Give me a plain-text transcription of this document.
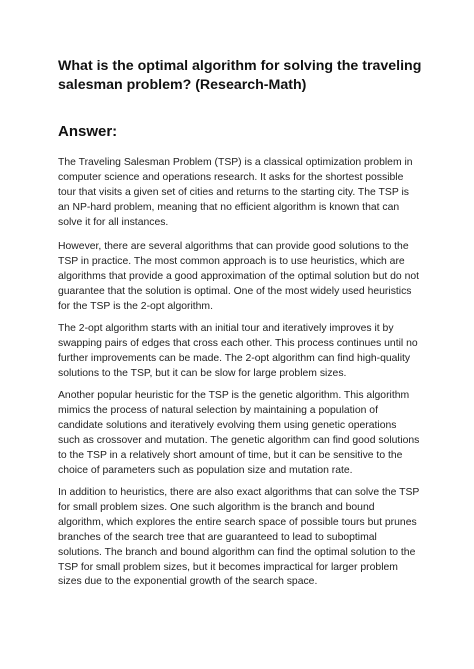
What is the optimal algorithm for solving the traveling salesman problem? (Research-Math)
Answer:

The Traveling Salesman Problem (TSP) is a classical optimization problem in computer science and operations research. It asks for the shortest possible tour that visits a given set of cities and returns to the starting city. The TSP is an NP-hard problem, meaning that no efficient algorithm is known that can solve it for all instances.

However, there are several algorithms that can provide good solutions to the TSP in practice. The most common approach is to use heuristics, which are algorithms that provide a good approximation of the optimal solution but do not guarantee that the solution is optimal. One of the most widely used heuristics for the TSP is the 2-opt algorithm.

The 2-opt algorithm starts with an initial tour and iteratively improves it by swapping pairs of edges that cross each other. This process continues until no further improvements can be made. The 2-opt algorithm can find high-quality solutions to the TSP, but it can be slow for large problem sizes.

Another popular heuristic for the TSP is the genetic algorithm. This algorithm mimics the process of natural selection by maintaining a population of candidate solutions and iteratively evolving them using genetic operations such as crossover and mutation. The genetic algorithm can find good solutions to the TSP in a relatively short amount of time, but it can be sensitive to the choice of parameters such as population size and mutation rate.

In addition to heuristics, there are also exact algorithms that can solve the TSP for small problem sizes. One such algorithm is the branch and bound algorithm, which explores the entire search space of possible tours but prunes branches of the search tree that are guaranteed to lead to suboptimal solutions. The branch and bound algorithm can find the optimal solution to the TSP for small problem sizes, but it becomes impractical for larger problem sizes due to the exponential growth of the search space.
